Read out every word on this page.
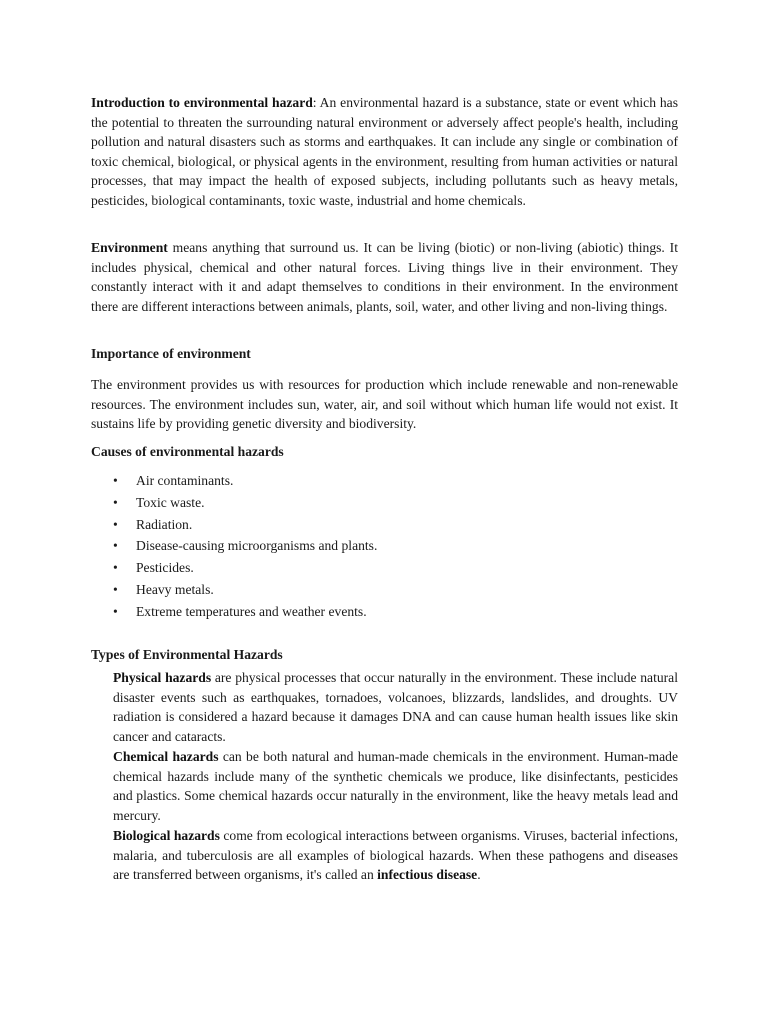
Introduction to environmental hazard: An environmental hazard is a substance, state or event which has the potential to threaten the surrounding natural environment or adversely affect people's health, including pollution and natural disasters such as storms and earthquakes. It can include any single or combination of toxic chemical, biological, or physical agents in the environment, resulting from human activities or natural processes, that may impact the health of exposed subjects, including pollutants such as heavy metals, pesticides, biological contaminants, toxic waste, industrial and home chemicals.

Environment means anything that surround us. It can be living (biotic) or non-living (abiotic) things. It includes physical, chemical and other natural forces. Living things live in their environment. They constantly interact with it and adapt themselves to conditions in their environment. In the environment there are different interactions between animals, plants, soil, water, and other living and non-living things.

Importance of environment

The environment provides us with resources for production which include renewable and non-renewable resources. The environment includes sun, water, air, and soil without which human life would not exist. It sustains life by providing genetic diversity and biodiversity.

Causes of environmental hazards

• Air contaminants.
• Toxic waste.
• Radiation.
• Disease-causing microorganisms and plants.
• Pesticides.
• Heavy metals.
• Extreme temperatures and weather events.

Types of Environmental Hazards

Physical hazards are physical processes that occur naturally in the environment. These include natural disaster events such as earthquakes, tornadoes, volcanoes, blizzards, landslides, and droughts. UV radiation is considered a hazard because it damages DNA and can cause human health issues like skin cancer and cataracts.

Chemical hazards can be both natural and human-made chemicals in the environment. Human-made chemical hazards include many of the synthetic chemicals we produce, like disinfectants, pesticides and plastics. Some chemical hazards occur naturally in the environment, like the heavy metals lead and mercury.

Biological hazards come from ecological interactions between organisms. Viruses, bacterial infections, malaria, and tuberculosis are all examples of biological hazards. When these pathogens and diseases are transferred between organisms, it's called an infectious disease.
